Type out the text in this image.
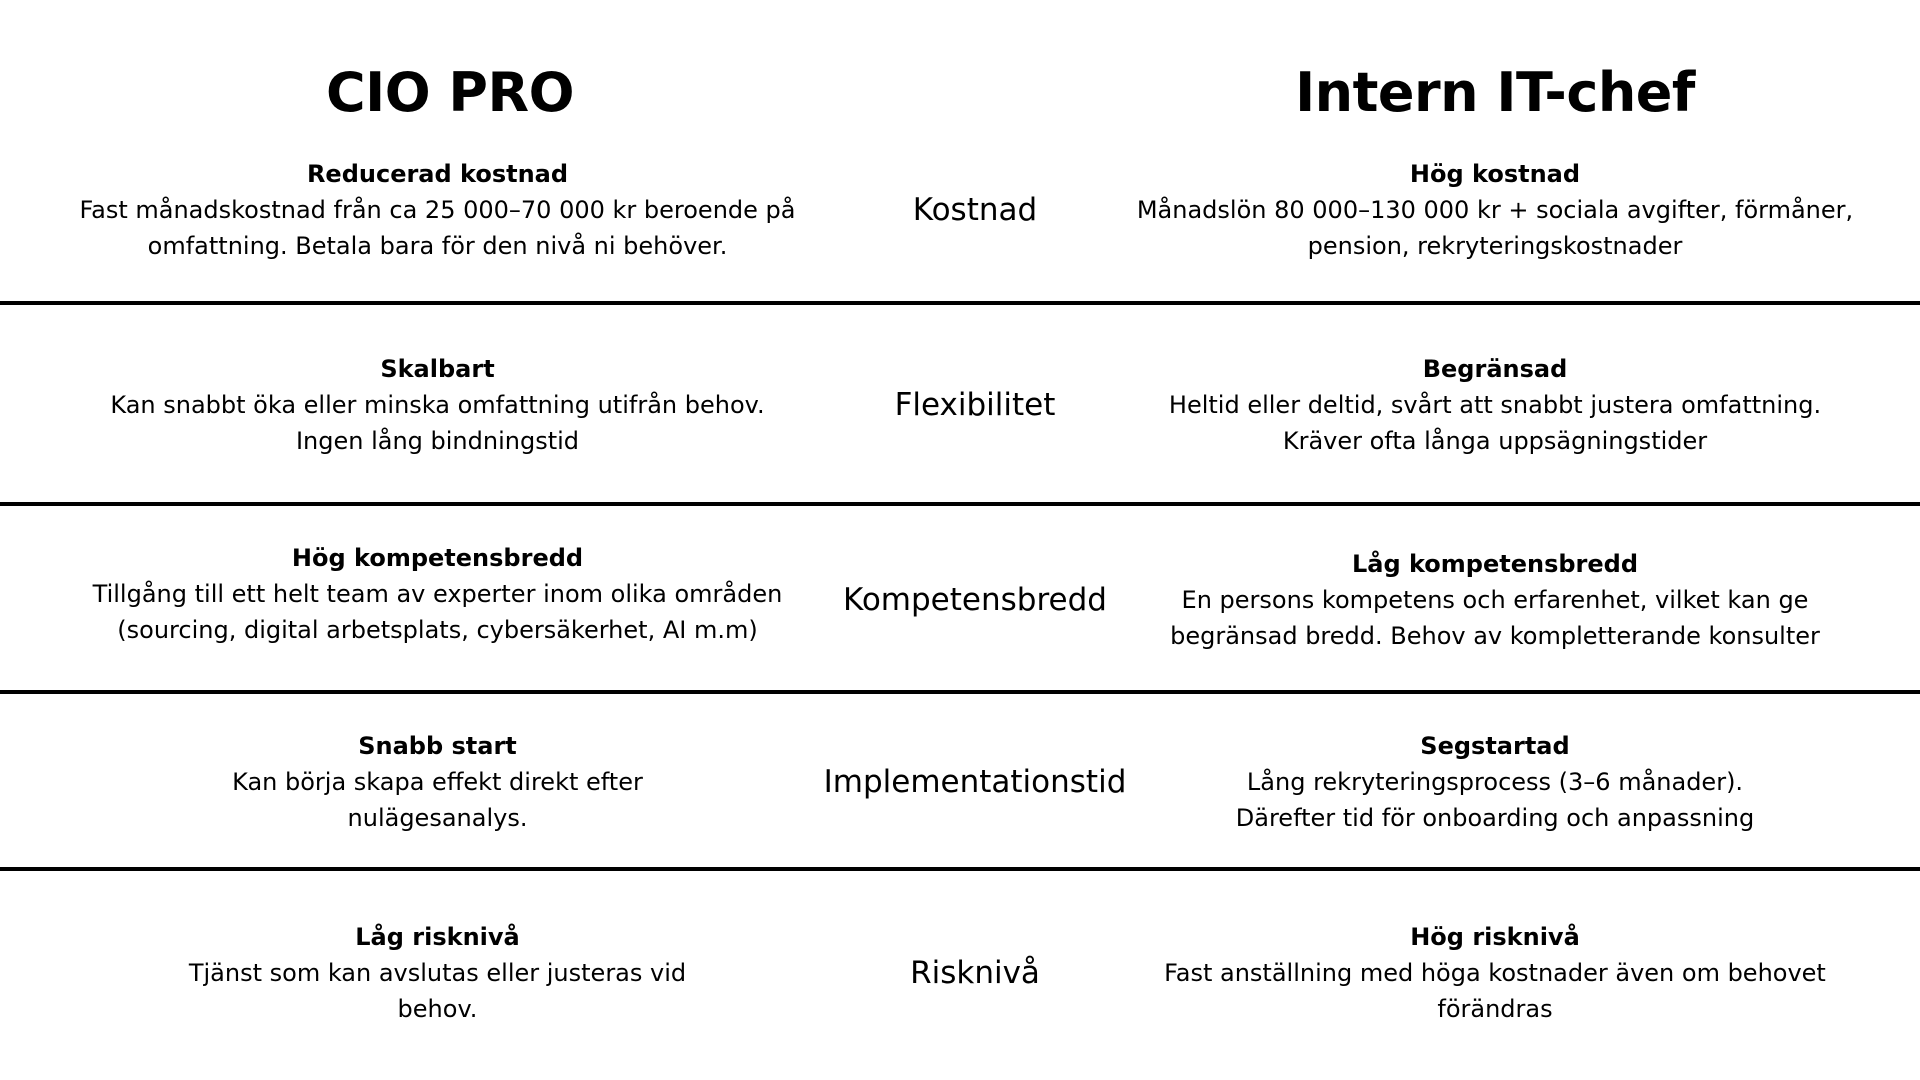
CIO PRO	Intern IT-chef
Reducerad kostnad
Fast månadskostnad från ca 25 000–70 000 kr beroende på
omfattning. Betala bara för den nivå ni behöver.
Kostnad
Hög kostnad
Månadslön 80 000–130 000 kr + sociala avgifter, förmåner,
pension, rekryteringskostnader
Skalbart
Kan snabbt öka eller minska omfattning utifrån behov.
Ingen lång bindningstid
Flexibilitet
Begränsad
Heltid eller deltid, svårt att snabbt justera omfattning.
Kräver ofta långa uppsägningstider
Hög kompetensbredd
Tillgång till ett helt team av experter inom olika områden
(sourcing, digital arbetsplats, cybersäkerhet, AI m.m)
Kompetensbredd
Låg kompetensbredd
En persons kompetens och erfarenhet, vilket kan ge
begränsad bredd. Behov av kompletterande konsulter
Snabb start
Kan börja skapa effekt direkt efter
nulägesanalys.
Implementationstid
Segstartad
Lång rekryteringsprocess (3–6 månader).
Därefter tid för onboarding och anpassning
Låg risknivå
Tjänst som kan avslutas eller justeras vid
behov.
Risknivå
Hög risknivå
Fast anställning med höga kostnader även om behovet
förändras
